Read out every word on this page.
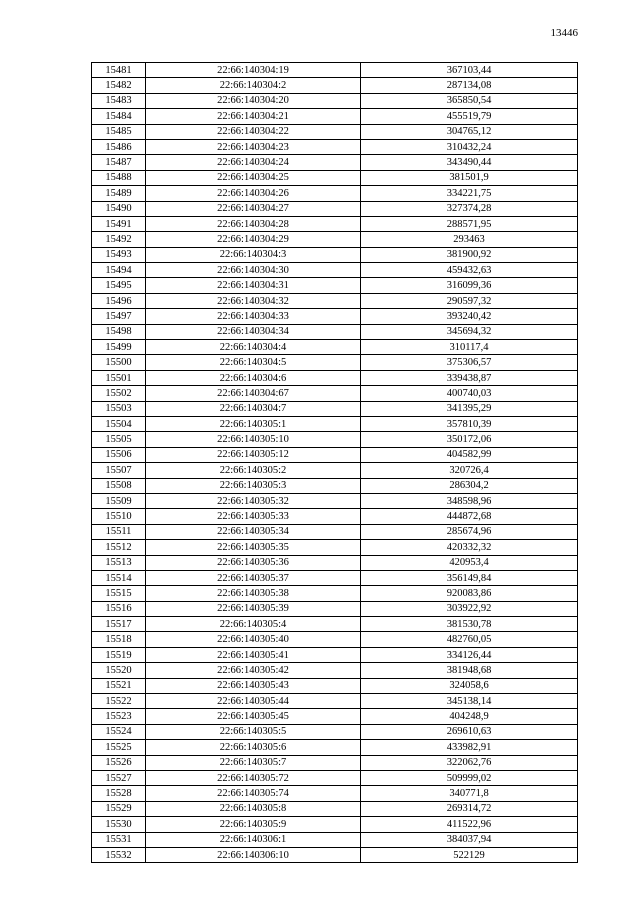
13446
15481	22:66:140304:19	367103,44
15482	22:66:140304:2	287134,08
15483	22:66:140304:20	365850,54
15484	22:66:140304:21	455519,79
15485	22:66:140304:22	304765,12
15486	22:66:140304:23	310432,24
15487	22:66:140304:24	343490,44
15488	22:66:140304:25	381501,9
15489	22:66:140304:26	334221,75
15490	22:66:140304:27	327374,28
15491	22:66:140304:28	288571,95
15492	22:66:140304:29	293463
15493	22:66:140304:3	381900,92
15494	22:66:140304:30	459432,63
15495	22:66:140304:31	316099,36
15496	22:66:140304:32	290597,32
15497	22:66:140304:33	393240,42
15498	22:66:140304:34	345694,32
15499	22:66:140304:4	310117,4
15500	22:66:140304:5	375306,57
15501	22:66:140304:6	339438,87
15502	22:66:140304:67	400740,03
15503	22:66:140304:7	341395,29
15504	22:66:140305:1	357810,39
15505	22:66:140305:10	350172,06
15506	22:66:140305:12	404582,99
15507	22:66:140305:2	320726,4
15508	22:66:140305:3	286304,2
15509	22:66:140305:32	348598,96
15510	22:66:140305:33	444872,68
15511	22:66:140305:34	285674,96
15512	22:66:140305:35	420332,32
15513	22:66:140305:36	420953,4
15514	22:66:140305:37	356149,84
15515	22:66:140305:38	920083,86
15516	22:66:140305:39	303922,92
15517	22:66:140305:4	381530,78
15518	22:66:140305:40	482760,05
15519	22:66:140305:41	334126,44
15520	22:66:140305:42	381948,68
15521	22:66:140305:43	324058,6
15522	22:66:140305:44	345138,14
15523	22:66:140305:45	404248,9
15524	22:66:140305:5	269610,63
15525	22:66:140305:6	433982,91
15526	22:66:140305:7	322062,76
15527	22:66:140305:72	509999,02
15528	22:66:140305:74	340771,8
15529	22:66:140305:8	269314,72
15530	22:66:140305:9	411522,96
15531	22:66:140306:1	384037,94
15532	22:66:140306:10	522129
